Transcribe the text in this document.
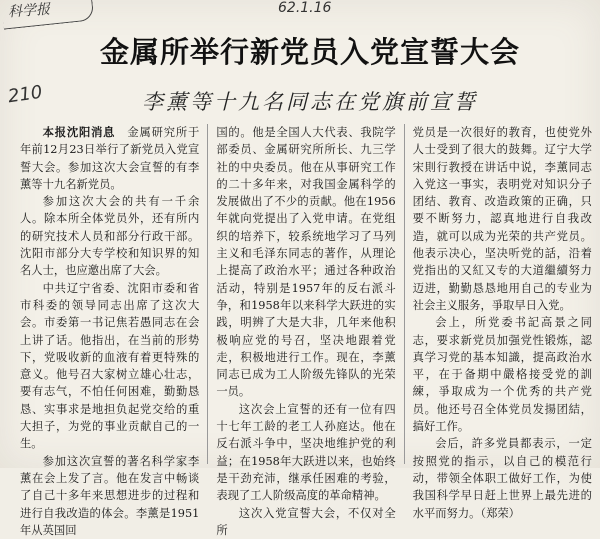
科学报	62.1.16
210
金属所举行新党员入党宣誓大会
李薰等十九名同志在党旗前宣誓

本报沈阳消息　金属研究所于年前12月23日举行了新党员入党宣誓大会。参加这次大会宣誓的有李薰等十九名新党员。

参加这次大会的共有一千余人。除本所全体党员外，还有所内的研究技术人员和部分行政干部。沈阳市部分大专学校和知识界的知名人士，也应邀出席了大会。

中共辽宁省委、沈阳市委和省市科委的领导同志出席了这次大会。市委第一书记焦若愚同志在会上讲了话。他指出，在当前的形势下，党吸收新的血液有着更特殊的意义。他号召大家树立雄心壮志，要有志气，不怕任何困难，勤勤恳恳、实事求是地担负起党交给的重大担子，为党的事业贡献自己的一生。

参加这次宣誓的著名科学家李薰在会上发了言。他在发言中畅谈了自己十多年来思想进步的过程和进行自我改造的体会。李薰是1951年从英国回

国的。他是全国人大代表、我院学部委员、金属研究所所长、九三学社的中央委员。他在从事研究工作的二十多年来，对我国金属科学的发展做出了不少的贡献。他在1956年就向党提出了入党申请。在党组织的培养下，较系统地学习了马列主义和毛泽东同志的著作，从理论上提高了政治水平；通过各种政治活动，特别是1957年的反右派斗争，和1958年以来科学大跃进的实践，明辨了大是大非，几年来他积极响应党的号召，坚决地跟着党走，积极地进行工作。现在，李薰同志已成为工人阶级先锋队的光荣一员。

这次会上宣誓的还有一位有四十七年工龄的老工人孙庭达。他在反右派斗争中，坚决地维护党的利益；在1958年大跃进以来，也始终是干劲充沛，继承任困难的考验，表现了工人阶级高度的革命精神。

这次入党宣誓大会，不仅对全所

党员是一次很好的教育，也使党外人士受到了很大的鼓舞。辽宁大学宋則行教授在讲话中说，李薰同志入党这一事实，表明党对知识分子团结、教育、改造政策的正确，只要不断努力，認真地进行自我改造，就可以成为光荣的共产党员。他表示决心，坚决听党的話，沿着党指出的又紅又专的大道繼續努力迈进，勤勤恳恳地用自己的专业为社会主义服务，爭取早日入党。

会上，所党委书記高景之同志，要求新党员加强党性锻炼，認真学习党的基本知識，提高政治水平，在于备期中嚴格接受党的訓練，爭取成为一个优秀的共产党员。他还号召全体党员发揚团結，搞好工作。

会后，許多党員都表示，一定按照党的指示，以自己的模范行动，带领全体职工做好工作，为使我国科学早日赶上世界上最先进的水平而努力。（郑荣）
